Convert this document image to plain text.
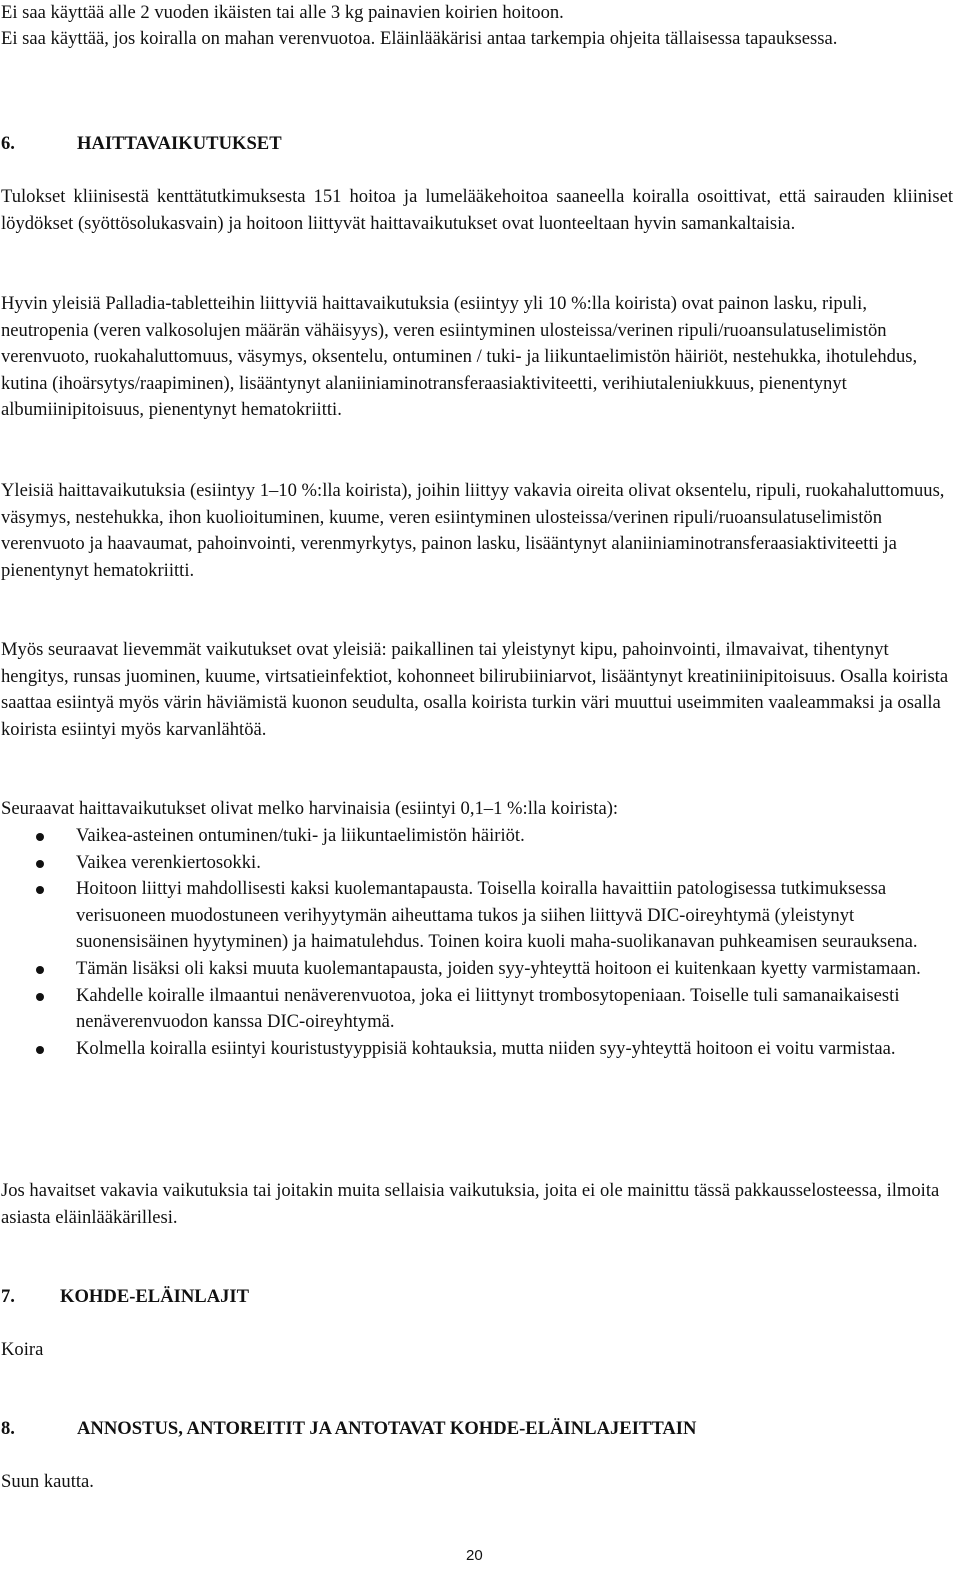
Ei saa käyttää alle 2 vuoden ikäisten tai alle 3 kg painavien koirien hoitoon.

Ei saa käyttää, jos koiralla on mahan verenvuotoa. Eläinlääkärisi antaa tarkempia ohjeita tällaisessa tapauksessa.

6.	HAITTAVAIKUTUKSET

Tulokset kliinisestä kenttätutkimuksesta 151 hoitoa ja lumelääkehoitoa saaneella koiralla osoittivat, että sairauden kliiniset löydökset (syöttösolukasvain) ja hoitoon liittyvät haittavaikutukset ovat luonteeltaan hyvin samankaltaisia.

Hyvin yleisiä Palladia-tabletteihin liittyviä haittavaikutuksia (esiintyy yli 10 %:lla koirista) ovat painon lasku, ripuli, neutropenia (veren valkosolujen määrän vähäisyys), veren esiintyminen ulosteissa/verinen ripuli/ruoansulatuselimistön verenvuoto, ruokahaluttomuus, väsymys, oksentelu, ontuminen / tuki- ja liikuntaelimistön häiriöt, nestehukka, ihotulehdus, kutina (ihoärsytys/raapiminen), lisääntynyt alaniiniaminotransferaasiaktiviteetti, verihiutaleniukkuus, pienentynyt albumiinipitoisuus, pienentynyt hematokriitti.

Yleisiä haittavaikutuksia (esiintyy 1–10 %:lla koirista), joihin liittyy vakavia oireita olivat oksentelu, ripuli, ruokahaluttomuus, väsymys, nestehukka, ihon kuolioituminen, kuume, veren esiintyminen ulosteissa/verinen ripuli/ruoansulatuselimistön verenvuoto ja haavaumat, pahoinvointi, verenmyrkytys, painon lasku, lisääntynyt alaniiniaminotransferaasiaktiviteetti ja pienentynyt hematokriitti.

Myös seuraavat lievemmät vaikutukset ovat yleisiä: paikallinen tai yleistynyt kipu, pahoinvointi, ilmavaivat, tihentynyt hengitys, runsas juominen, kuume, virtsatieinfektiot, kohonneet bilirubiiniarvot, lisääntynyt kreatiniinipitoisuus. Osalla koirista saattaa esiintyä myös värin häviämistä kuonon seudulta, osalla koirista turkin väri muuttui useimmiten vaaleammaksi ja osalla koirista esiintyi myös karvanlähtöä.

Seuraavat haittavaikutukset olivat melko harvinaisia (esiintyi 0,1–1 %:lla koirista):

Vaikea-asteinen ontuminen/tuki- ja liikuntaelimistön häiriöt.
Vaikea verenkiertosokki.
Hoitoon liittyi mahdollisesti kaksi kuolemantapausta. Toisella koiralla havaittiin patologisessa tutkimuksessa verisuoneen muodostuneen verihyytymän aiheuttama tukos ja siihen liittyvä DIC-oireyhtymä (yleistynyt suonensisäinen hyytyminen) ja haimatulehdus. Toinen koira kuoli maha-suolikanavan puhkeamisen seurauksena.
Tämän lisäksi oli kaksi muuta kuolemantapausta, joiden syy-yhteyttä hoitoon ei kuitenkaan kyetty varmistamaan.
Kahdelle koiralle ilmaantui nenäverenvuotoa, joka ei liittynyt trombosytopeniaan. Toiselle tuli samanaikaisesti nenäverenvuodon kanssa DIC-oireyhtymä.
Kolmella koiralla esiintyi kouristustyyppisiä kohtauksia, mutta niiden syy-yhteyttä hoitoon ei voitu varmistaa.

Jos havaitset vakavia vaikutuksia tai joitakin muita sellaisia vaikutuksia, joita ei ole mainittu tässä pakkausselosteessa, ilmoita asiasta eläinlääkärillesi.

7. KOHDE-ELÄINLAJIT

Koira

8.	ANNOSTUS, ANTOREITIT JA ANTOTAVAT KOHDE-ELÄINLAJEITTAIN

Suun kautta.

20
